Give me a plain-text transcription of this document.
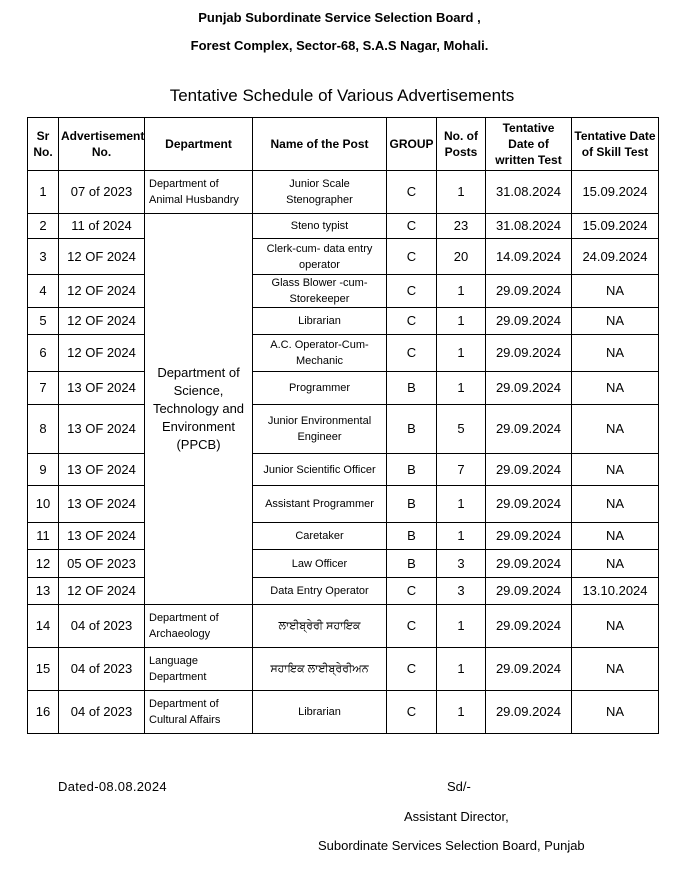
Punjab Subordinate Service Selection Board ,
Forest Complex, Sector-68, S.A.S Nagar, Mohali.
Tentative Schedule of Various Advertisements
Sr No.	Advertisement No.	Department	Name of the Post	GROUP	No. of Posts	Tentative Date of written Test	Tentative Date of Skill Test
1	07 of 2023	Department of Animal Husbandry	Junior Scale Stenographer	C	1	31.08.2024	15.09.2024
2	11 of 2024	Department of Science, Technology and Environment (PPCB)	Steno typist	C	23	31.08.2024	15.09.2024
3	12 OF 2024		Clerk-cum- data entry operator	C	20	14.09.2024	24.09.2024
4	12 OF 2024		Glass Blower -cum-Storekeeper	C	1	29.09.2024	NA
5	12 OF 2024		Librarian	C	1	29.09.2024	NA
6	12 OF 2024		A.C. Operator-Cum-Mechanic	C	1	29.09.2024	NA
7	13 OF 2024		Programmer	B	1	29.09.2024	NA
8	13 OF 2024		Junior Environmental Engineer	B	5	29.09.2024	NA
9	13 OF 2024		Junior Scientific Officer	B	7	29.09.2024	NA
10	13 OF 2024		Assistant Programmer	B	1	29.09.2024	NA
11	13 OF 2024		Caretaker	B	1	29.09.2024	NA
12	05 OF 2023		Law Officer	B	3	29.09.2024	NA
13	12 OF 2024		Data Entry Operator	C	3	29.09.2024	13.10.2024
14	04 of 2023	Department of Archaeology	ਲਾਈਬ੍ਰੇਰੀ ਸਹਾਇਕ	C	1	29.09.2024	NA
15	04 of 2023	Language Department	ਸਹਾਇਕ ਲਾਈਬ੍ਰੇਰੀਅਨ	C	1	29.09.2024	NA
16	04 of 2023	Department of Cultural Affairs	Librarian	C	1	29.09.2024	NA
Dated-08.08.2024	Sd/-
Assistant Director,
Subordinate Services Selection Board, Punjab
